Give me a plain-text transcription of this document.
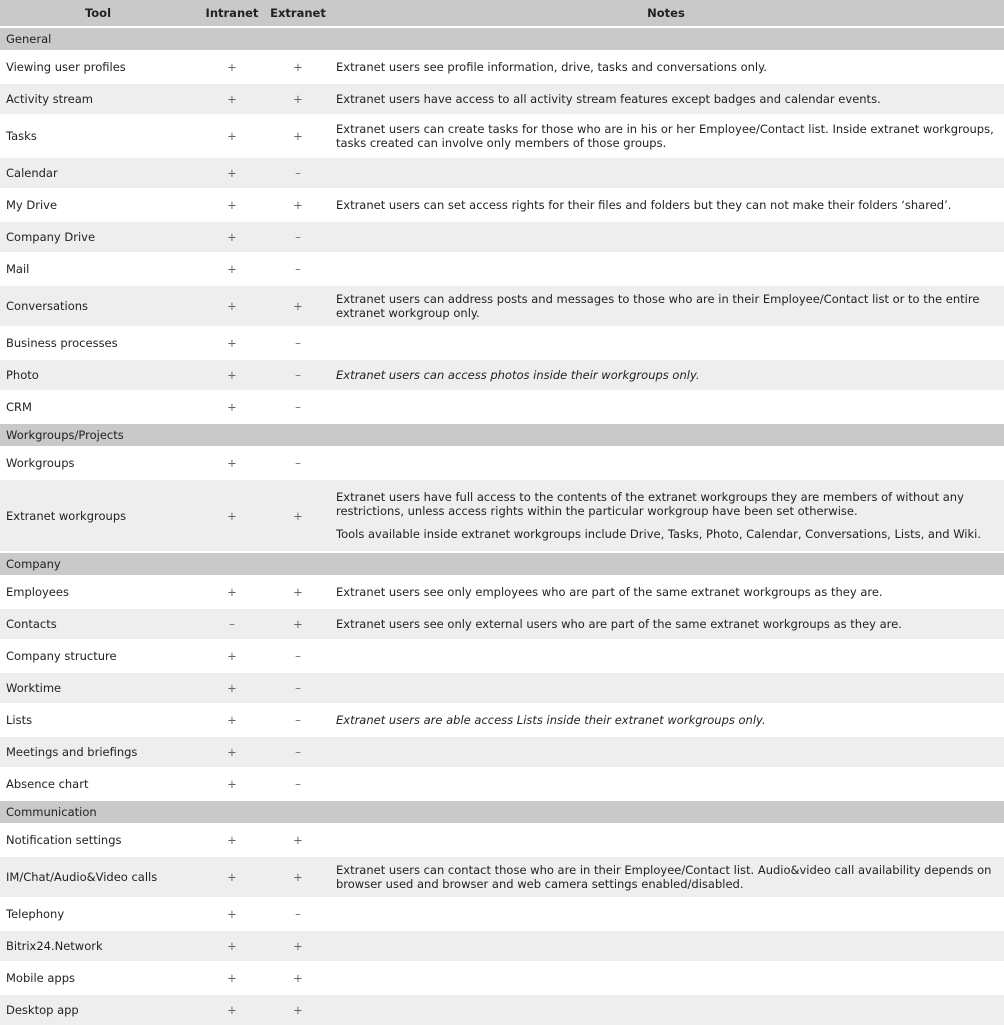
Tool	Intranet	Extranet	Notes
General			
Viewing user profiles	+	+	Extranet users see profile information, drive, tasks and conversations only.

Activity stream	+	+	Extranet users have access to all activity stream features except badges and calendar events.

Tasks	+	+	Extranet users can create tasks for those who are in his or her Employee/Contact list. Inside extranet workgroups, tasks created can involve only members of those groups.

Calendar	+	–	
My Drive	+	+	Extranet users can set access rights for their files and folders but they can not make their folders ‘shared’.

Company Drive	+	–	
Mail	+	–	
Conversations	+	+	Extranet users can address posts and messages to those who are in their Employee/Contact list or to the entire extranet workgroup only.

Business processes	+	–	
Photo	+	–	Extranet users can access photos inside their workgroups only.

CRM	+	–	
Workgroups/Projects			
Workgroups	+	–	
Extranet workgroups	+	+	Extranet users have full access to the contents of the extranet workgroups they are members of without any restrictions, unless access rights within the particular workgroup have been set otherwise.
Tools available inside extranet workgroups include Drive, Tasks, Photo, Calendar, Conversations, Lists, and Wiki.

Company			
Employees	+	+	Extranet users see only employees who are part of the same extranet workgroups as they are.

Contacts	–	+	Extranet users see only external users who are part of the same extranet workgroups as they are.

Company structure	+	–	
Worktime	+	–	
Lists	+	–	Extranet users are able access Lists inside their extranet workgroups only.

Meetings and briefings	+	–	
Absence chart	+	–	
Communication			
Notification settings	+	+	
IM/Chat/Audio&Video calls	+	+	Extranet users can contact those who are in their Employee/Contact list. Audio&video call availability depends on browser used and browser and web camera settings enabled/disabled.

Telephony	+	–	
Bitrix24.Network	+	+	
Mobile apps	+	+	
Desktop app	+	+	
